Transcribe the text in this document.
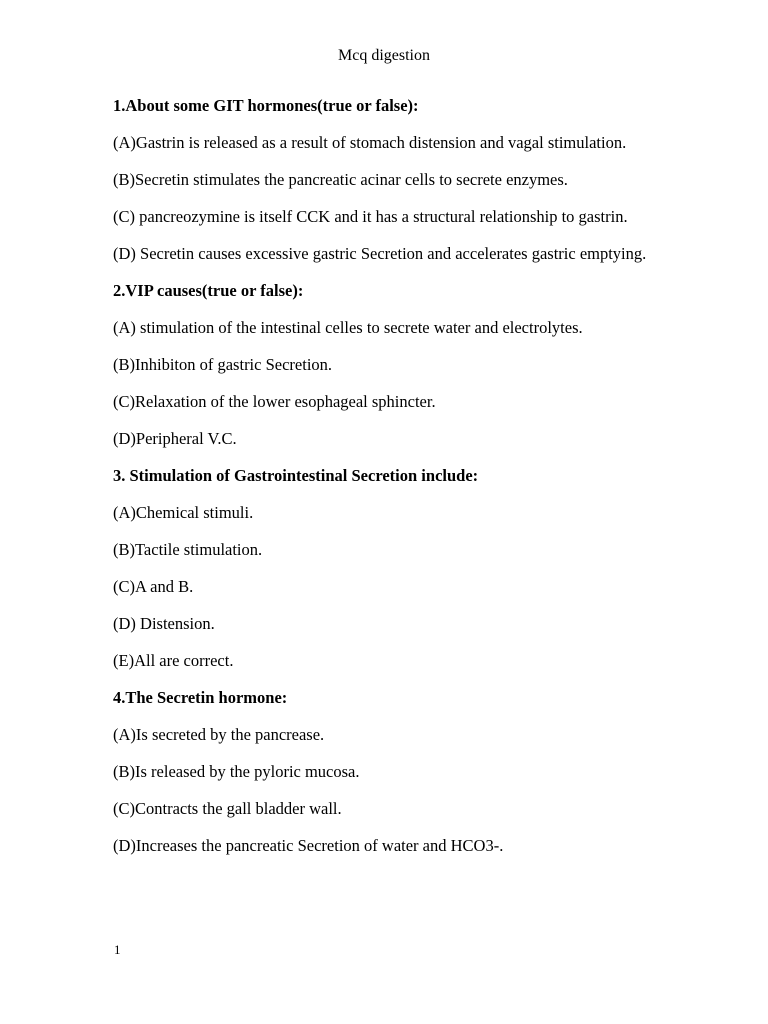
Mcq digestion
1.About some GIT hormones(true or false):
(A)Gastrin is released as a result of stomach distension and vagal stimulation.
(B)Secretin stimulates the pancreatic acinar cells to secrete enzymes.
(C) pancreozymine is itself CCK and it has a structural relationship to gastrin.
(D) Secretin causes excessive gastric Secretion and accelerates gastric emptying.
2.VIP causes(true or false):
(A) stimulation of the intestinal celles to secrete water and electrolytes.
(B)Inhibiton of gastric Secretion.
(C)Relaxation of the lower esophageal sphincter.
(D)Peripheral V.C.
3. Stimulation of Gastrointestinal Secretion include:
(A)Chemical stimuli.
(B)Tactile stimulation.
(C)A and B.
(D) Distension.
(E)All are correct.
4.The Secretin hormone:
(A)Is secreted by the pancrease.
(B)Is released by the pyloric mucosa.
(C)Contracts the gall bladder wall.
(D)Increases the pancreatic Secretion of water and HCO3-.
1
